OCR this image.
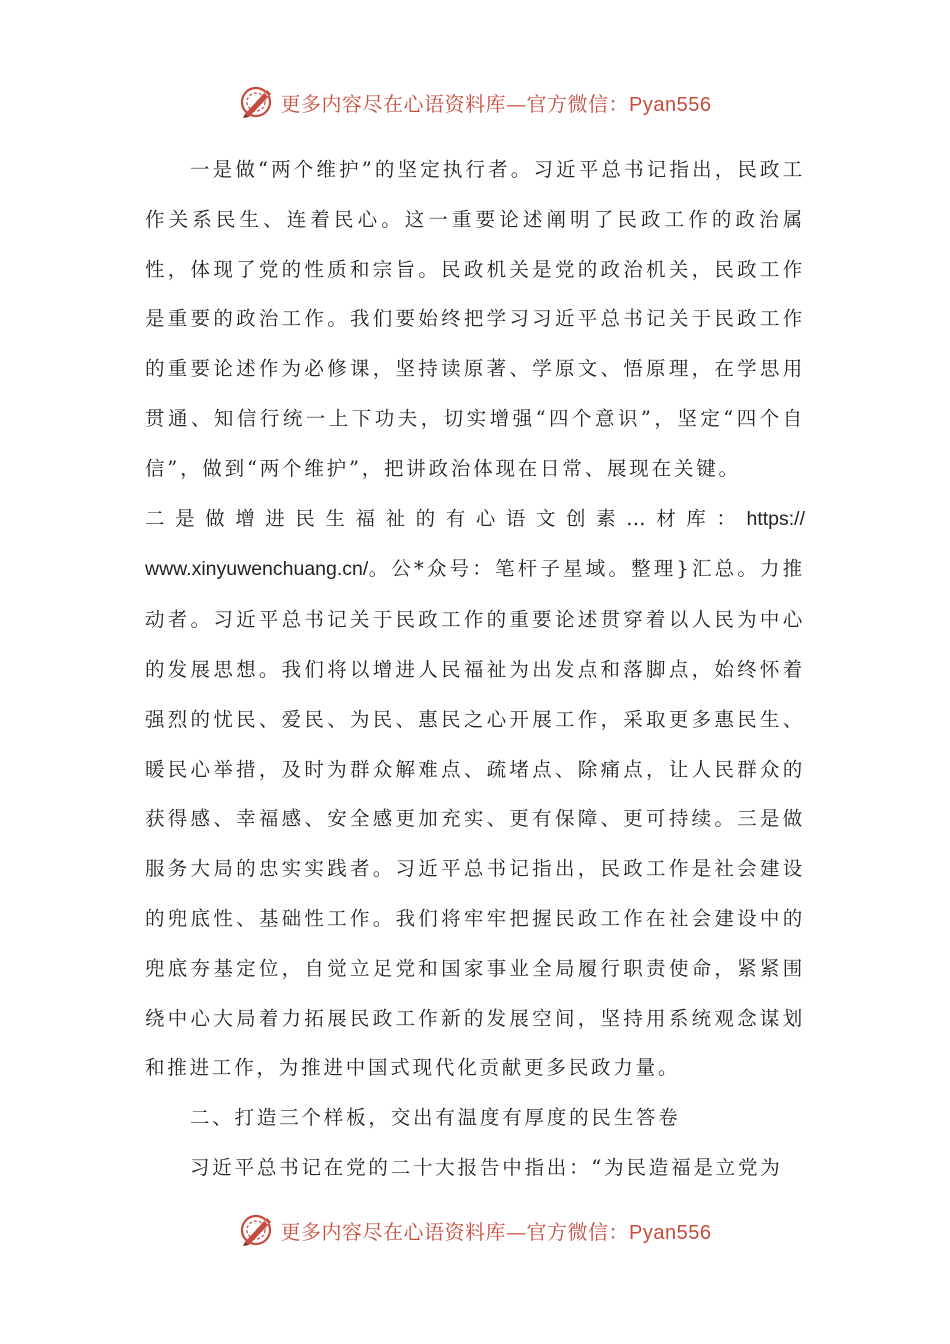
更多内容尽在心语资料库—官方微信：Pyan556

一是做“两个维护”的坚定执行者。习近平总书记指出，民政工作关系民生、连着民心。这一重要论述阐明了民政工作的政治属性，体现了党的性质和宗旨。民政机关是党的政治机关，民政工作是重要的政治工作。我们要始终把学习习近平总书记关于民政工作的重要论述作为必修课，坚持读原著、学原文、悟原理，在学思用贯通、知信行统一上下功夫，切实增强“四个意识”，坚定“四个自信”，做到“两个维护”，把讲政治体现在日常、展现在关键。

二是做增进民生福祉的有心语文创素…材库：https://

www.xinyuwenchuang.cn/。公*众号：笔杆子星域。整理}汇总。力推动者。习近平总书记关于民政工作的重要论述贯穿着以人民为中心的发展思想。我们将以增进人民福祉为出发点和落脚点，始终怀着强烈的忧民、爱民、为民、惠民之心开展工作，采取更多惠民生、暖民心举措，及时为群众解难点、疏堵点、除痛点，让人民群众的获得感、幸福感、安全感更加充实、更有保障、更可持续。三是做服务大局的忠实实践者。习近平总书记指出，民政工作是社会建设的兜底性、基础性工作。我们将牢牢把握民政工作在社会建设中的兜底夯基定位，自觉立足党和国家事业全局履行职责使命，紧紧围绕中心大局着力拓展民政工作新的发展空间，坚持用系统观念谋划和推进工作，为推进中国式现代化贡献更多民政力量。

二、打造三个样板，交出有温度有厚度的民生答卷

习近平总书记在党的二十大报告中指出：“为民造福是立党为

更多内容尽在心语资料库—官方微信：Pyan556
